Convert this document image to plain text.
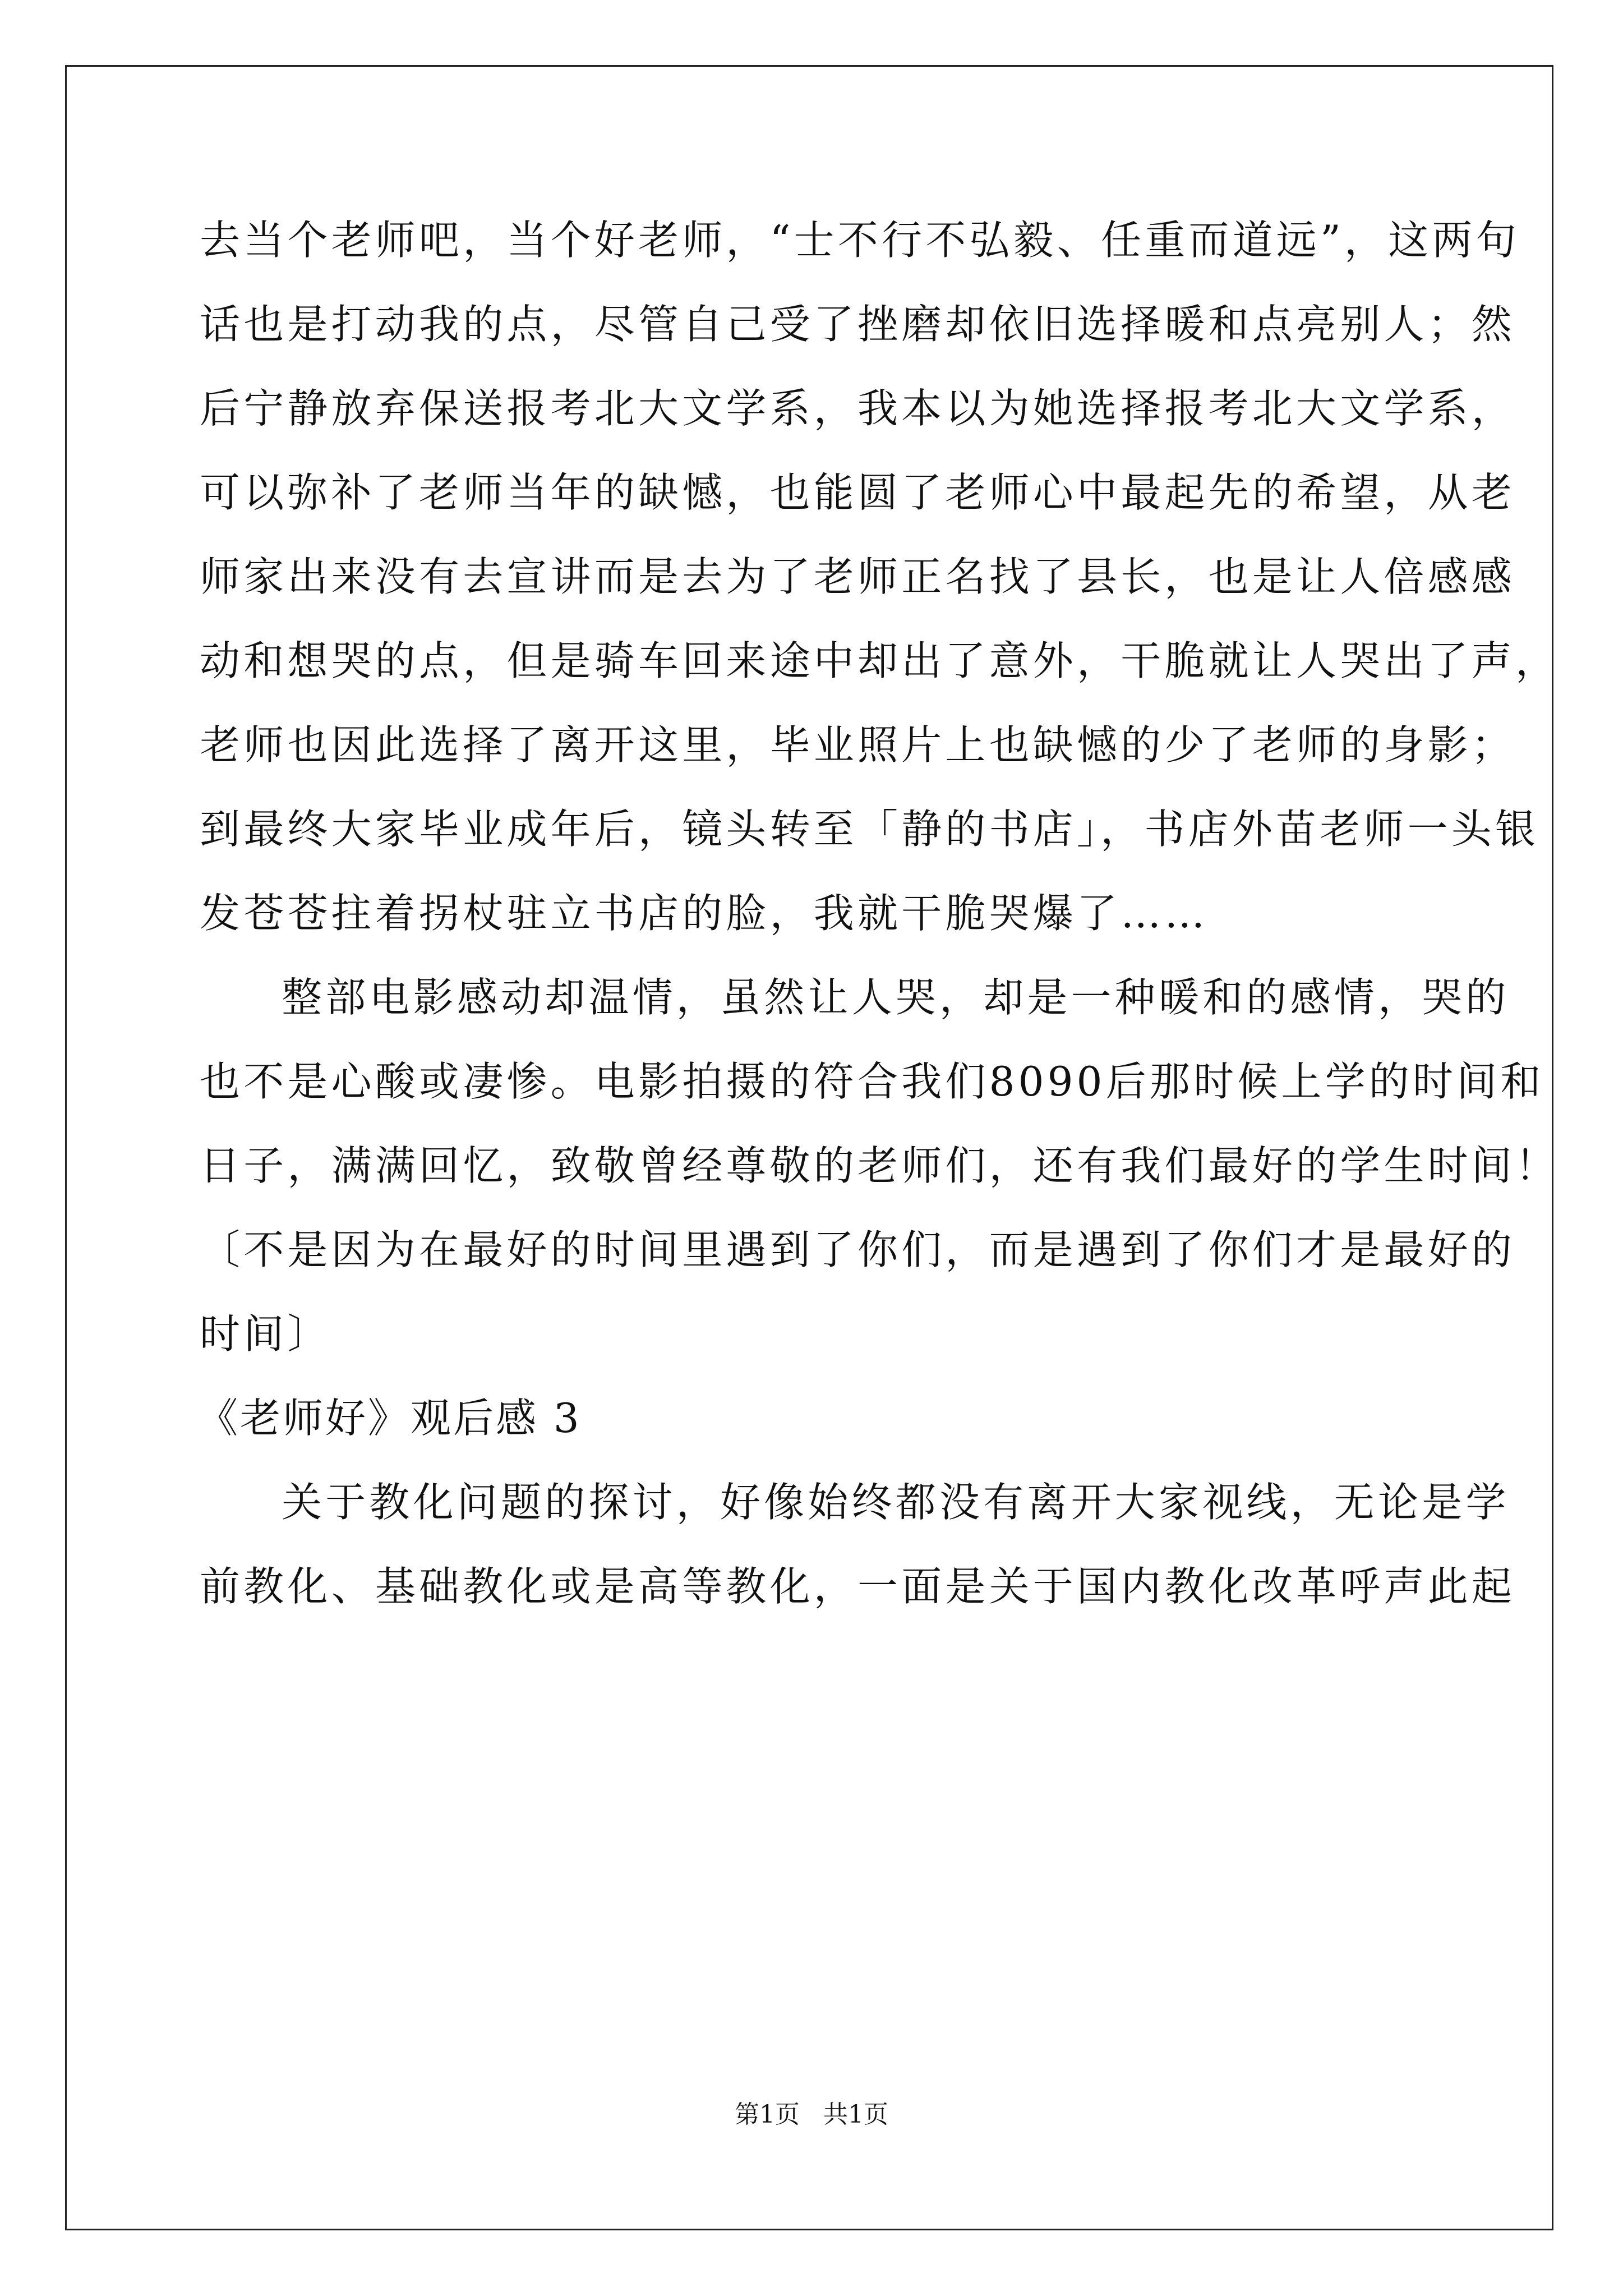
去当个老师吧，当个好老师，“士不行不弘毅、任重而道远”，这两句
话也是打动我的点，尽管自己受了挫磨却依旧选择暖和点亮别人；然
后宁静放弃保送报考北大文学系，我本以为她选择报考北大文学系，
可以弥补了老师当年的缺憾，也能圆了老师心中最起先的希望，从老
师家出来没有去宣讲而是去为了老师正名找了县长，也是让人倍感感
动和想哭的点，但是骑车回来途中却出了意外，干脆就让人哭出了声，
老师也因此选择了离开这里，毕业照片上也缺憾的少了老师的身影；
到最终大家毕业成年后，镜头转至「静的书店」，书店外苗老师一头银
发苍苍拄着拐杖驻立书店的脸，我就干脆哭爆了……
整部电影感动却温情，虽然让人哭，却是一种暖和的感情，哭的
也不是心酸或凄惨。电影拍摄的符合我们8090后那时候上学的时间和
日子，满满回忆，致敬曾经尊敬的老师们，还有我们最好的学生时间！
〔不是因为在最好的时间里遇到了你们，而是遇到了你们才是最好的
时间〕
《老师好》观后感 3
关于教化问题的探讨，好像始终都没有离开大家视线，无论是学
前教化、基础教化或是高等教化，一面是关于国内教化改革呼声此起
第1页   共1页
